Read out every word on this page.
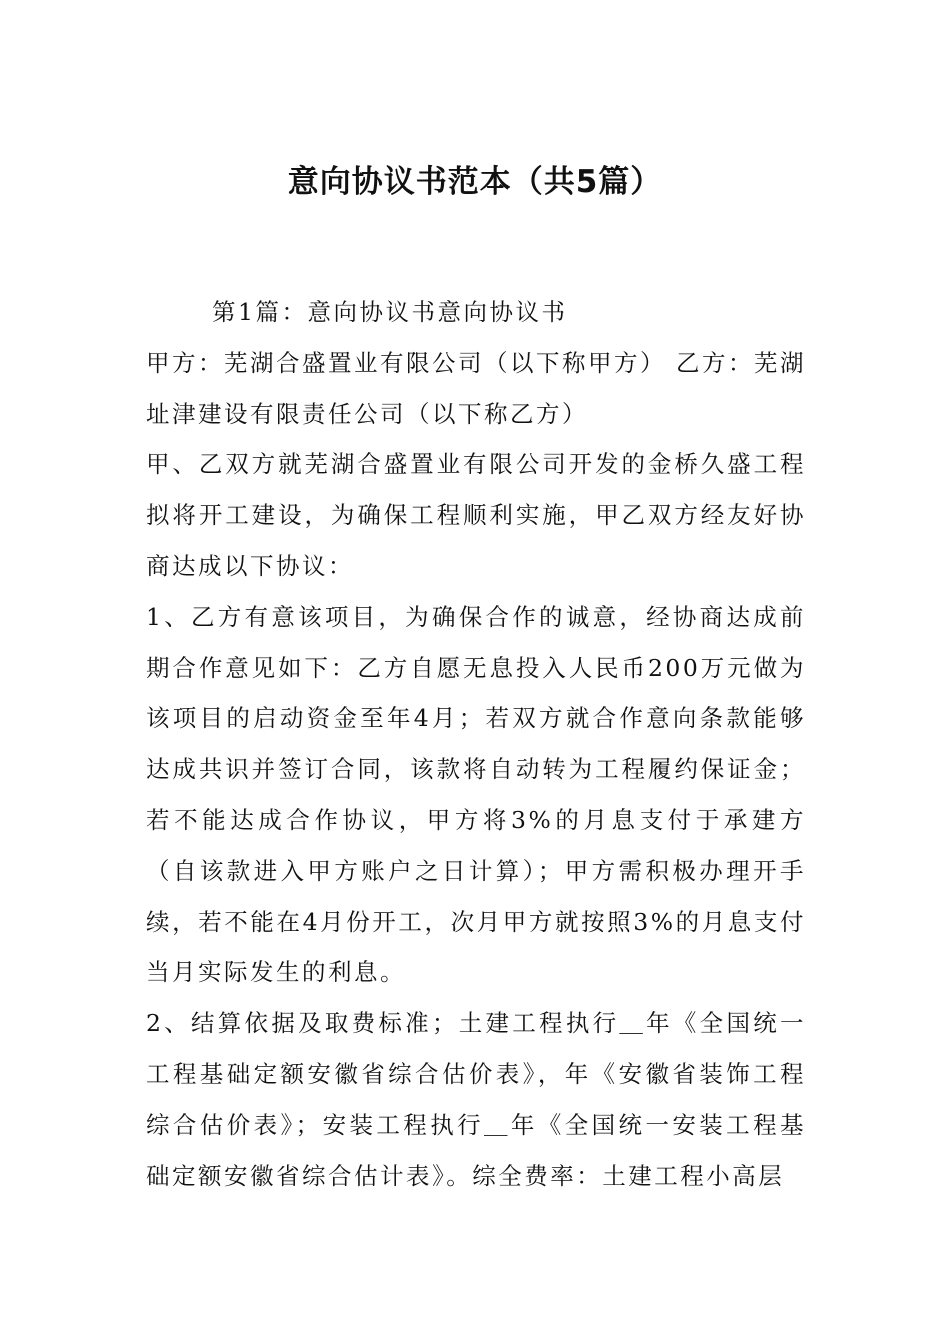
意向协议书范本（共5篇）

第1篇：意向协议书意向协议书

甲方：芜湖合盛置业有限公司（以下称甲方） 乙方：芜湖址津建设有限责任公司（以下称乙方）

甲、乙双方就芜湖合盛置业有限公司开发的金桥久盛工程拟将开工建设，为确保工程顺利实施，甲乙双方经友好协商达成以下协议：

1、乙方有意该项目，为确保合作的诚意，经协商达成前期合作意见如下：乙方自愿无息投入人民币200万元做为该项目的启动资金至年4月；若双方就合作意向条款能够达成共识并签订合同，该款将自动转为工程履约保证金；若不能达成合作协议，甲方将3%的月息支付于承建方（自该款进入甲方账户之日计算）；甲方需积极办理开手续，若不能在4月份开工，次月甲方就按照3%的月息支付当月实际发生的利息。

2、结算依据及取费标准；土建工程执行＿年《全国统一工程基础定额安徽省综合估价表》，年《安徽省装饰工程综合估价表》；安装工程执行＿年《全国统一安装工程基础定额安徽省综合估计表》。综全费率：土建工程小高层
